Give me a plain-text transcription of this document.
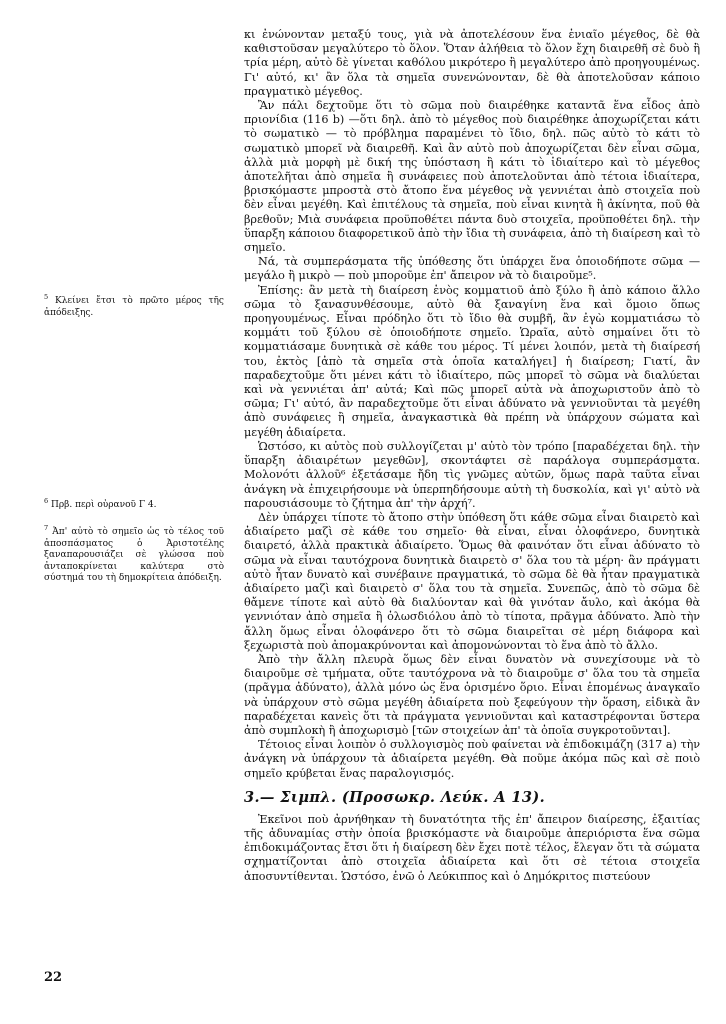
κι ἐνώνονταν μεταξύ τους, γιὰ νὰ ἀποτελέσουν ἕνα ἑνιαῖο μέγεθος, δὲ θὰ καθιστοῦσαν μεγαλύτερο τὸ ὅλον. Ὅταν ἀλήθεια τὸ ὅλον ἔχη διαιρεθῆ σὲ δυὸ ἢ τρία μέρη, αὐτὸ δὲ γίνεται καθόλου μικρότερο ἢ μεγαλύτερο ἀπὸ προηγουμένως. Γι' αὐτό, κι' ἂν ὅλα τὰ σημεῖα συνενώνονταν, δὲ θὰ ἀποτελοῦσαν κάποιο πραγματικὸ μέγεθος.

Ἂν πάλι δεχτοῦμε ὅτι τὸ σῶμα ποὺ διαιρέθηκε καταντᾶ ἕνα εἶδος ἀπὸ πριονίδια (116 b) —ὅτι δηλ. ἀπὸ τὸ μέγεθος ποὺ διαιρέθηκε ἀποχωρίζεται κάτι τὸ σωματικὸ — τὸ πρόβλημα παραμένει τὸ ἴδιο, δηλ. πῶς αὐτὸ τὸ κάτι τὸ σωματικὸ μπορεῖ νὰ διαιρεθῆ. Καὶ ἂν αὐτὸ ποὺ ἀποχωρίζεται δὲν εἶναι σῶμα, ἀλλὰ μιὰ μορφὴ μὲ δική της ὑπόσταση ἢ κάτι τὸ ἰδιαίτερο καὶ τὸ μέγεθος ἀποτελῆται ἀπὸ σημεῖα ἢ συνάφειες ποὺ ἀποτελοῦνται ἀπὸ τέτοια ἰδιαίτερα, βρισκόμαστε μπροστὰ στὸ ἄτοπο ἕνα μέγεθος νὰ γεννιέται ἀπὸ στοιχεῖα ποὺ δὲν εἶναι μεγέθη. Καὶ ἐπιτέλους τὰ σημεῖα, ποὺ εἶναι κινητὰ ἢ ἀκίνητα, ποῦ θὰ βρεθοῦν; Μιὰ συνάφεια προϋποθέτει πάντα δυὸ στοιχεῖα, προϋποθέτει δηλ. τὴν ὕπαρξη κάποιου διαφορετικοῦ ἀπὸ τὴν ἴδια τὴ συνάφεια, ἀπὸ τὴ διαίρεση καὶ τὸ σημεῖο.

Νά, τὰ συμπεράσματα τῆς ὑπόθεσης ὅτι ὑπάρχει ἕνα ὁποιοδήποτε σῶμα — μεγάλο ἢ μικρὸ — ποὺ μποροῦμε ἐπ' ἄπειρον νὰ τὸ διαιροῦμε⁵.

Ἐπίσης: ἂν μετὰ τὴ διαίρεση ἑνὸς κομματιοῦ ἀπὸ ξύλο ἢ ἀπὸ κάποιο ἄλλο σῶμα τὸ ξανασυνθέσουμε, αὐτὸ θὰ ξαναγίνη ἕνα καὶ ὅμοιο ὅπως προηγουμένως. Εἶναι πρόδηλο ὅτι τὸ ἴδιο θὰ συμβῆ, ἂν ἐγὼ κομματιάσω τὸ κομμάτι τοῦ ξύλου σὲ ὁποιοδήποτε σημεῖο. Ὡραῖα, αὐτὸ σημαίνει ὅτι τὸ κομματιάσαμε δυνητικὰ σὲ κάθε του μέρος. Τί μένει λοιπόν, μετὰ τὴ διαίρεσή του, ἐκτὸς [ἀπὸ τὰ σημεῖα στὰ ὁποῖα καταλήγει] ἡ διαίρεση; Γιατί, ἂν παραδεχτοῦμε ὅτι μένει κάτι τὸ ἰδιαίτερο, πῶς μπορεῖ τὸ σῶμα νὰ διαλύεται καὶ νὰ γεννιέται ἀπ' αὐτά; Καὶ πῶς μπορεῖ αὐτὰ νὰ ἀποχωριστοῦν ἀπὸ τὸ σῶμα; Γι' αὐτό, ἂν παραδεχτοῦμε ὅτι εἶναι ἀδύνατο νὰ γεννιοῦνται τὰ μεγέθη ἀπὸ συνάφειες ἢ σημεῖα, ἀναγκαστικὰ θὰ πρέπη νὰ ὑπάρχουν σώματα καὶ μεγέθη ἀδιαίρετα.

Ὡστόσο, κι αὐτὸς ποὺ συλλογίζεται μ' αὐτὸ τὸν τρόπο [παραδέχεται δηλ. τὴν ὕπαρξη ἀδιαιρέτων μεγεθῶν], σκοντάφτει σὲ παράλογα συμπεράσματα. Μολονότι ἀλλοῦ⁶ ἐξετάσαμε ἤδη τὶς γνῶμες αὐτῶν, ὅμως παρὰ ταῦτα εἶναι ἀνάγκη νὰ ἐπιχειρήσουμε νὰ ὑπερπηδήσουμε αὐτὴ τὴ δυσκολία, καὶ γι' αὐτὸ νὰ παρουσιάσουμε τὸ ζήτημα ἀπ' τὴν ἀρχή⁷.

Δὲν ὑπάρχει τίποτε τὸ ἄτοπο στὴν ὑπόθεση ὅτι κάθε σῶμα εἶναι διαιρετὸ καὶ ἀδιαίρετο μαζὶ σὲ κάθε του σημεῖο· θὰ εἶναι, εἶναι ὁλοφάνερο, δυνητικὰ διαιρετό, ἀλλὰ πρακτικὰ ἀδιαίρετο. Ὅμως θὰ φαινόταν ὅτι εἶναι ἀδύνατο τὸ σῶμα νὰ εἶναι ταυτόχρονα δυνητικὰ διαιρετὸ σ' ὅλα του τὰ μέρη· ἂν πράγματι αὐτὸ ἦταν δυνατὸ καὶ συνέβαινε πραγματικά, τὸ σῶμα δὲ θὰ ἦταν πραγματικὰ ἀδιαίρετο μαζὶ καὶ διαιρετὸ σ' ὅλα του τὰ σημεῖα. Συνεπῶς, ἀπὸ τὸ σῶμα δὲ θἄμενε τίποτε καὶ αὐτὸ θὰ διαλύονταν καὶ θὰ γινόταν ἄυλο, καὶ ἀκόμα θὰ γεννιόταν ἀπὸ σημεῖα ἢ ὁλωσδιόλου ἀπὸ τὸ τίποτα, πρᾶγμα ἀδύνατο. Ἀπὸ τὴν ἄλλη ὅμως εἶναι ὁλοφάνερο ὅτι τὸ σῶμα διαιρεῖται σὲ μέρη διάφορα καὶ ξεχωριστὰ ποὺ ἀπομακρύνονται καὶ ἀπομονώνονται τὸ ἕνα ἀπὸ τὸ ἄλλο.

Ἀπὸ τὴν ἄλλη πλευρὰ ὅμως δὲν εἶναι δυνατὸν νὰ συνεχίσουμε νὰ τὸ διαιροῦμε σὲ τμήματα, οὔτε ταυτόχρονα νὰ τὸ διαιροῦμε σ' ὅλα του τὰ σημεῖα (πρᾶγμα ἀδύνατο), ἀλλὰ μόνο ὡς ἕνα ὁρισμένο ὅριο. Εἶναι ἑπομένως ἀναγκαῖο νὰ ὑπάρχουν στὸ σῶμα μεγέθη ἀδιαίρετα ποὺ ξεφεύγουν τὴν ὅραση, εἰδικὰ ἂν παραδέχεται κανεὶς ὅτι τὰ πράγματα γεννιοῦνται καὶ καταστρέφονται ὕστερα ἀπὸ συμπλοκὴ ἢ ἀποχωρισμὸ [τῶν στοιχείων ἀπ' τὰ ὁποῖα συγκροτοῦνται].

Τέτοιος εἶναι λοιπὸν ὁ συλλογισμὸς ποὺ φαίνεται νὰ ἐπιδοκιμάζη (317 a) τὴν ἀνάγκη νὰ ὑπάρχουν τὰ ἀδιαίρετα μεγέθη. Θὰ ποῦμε ἀκόμα πῶς καὶ σὲ ποιὸ σημεῖο κρύβεται ἕνας παραλογισμός.

3.— Σιμπλ. (Προσωκρ. Λεύκ. Α 13).

Ἐκεῖνοι ποὺ ἀρνήθηκαν τὴ δυνατότητα τῆς ἐπ' ἄπειρον διαίρεσης, ἐξαιτίας τῆς ἀδυναμίας στὴν ὁποία βρισκόμαστε νὰ διαιροῦμε ἀπεριόριστα ἕνα σῶμα ἐπιδοκιμάζοντας ἔτσι ὅτι ἡ διαίρεση δὲν ἔχει ποτὲ τέλος, ἔλεγαν ὅτι τὰ σώματα σχηματίζονται ἀπὸ στοιχεῖα ἀδιαίρετα καὶ ὅτι σὲ τέτοια στοιχεῖα ἀποσυντίθενται. Ὡστόσο, ἐνῶ ὁ Λεύκιππος καὶ ὁ Δημόκριτος πιστεύουν

$^5$ Κλείνει ἔτσι τὸ πρῶτο μέρος τῆς ἀπόδειξης.
$^6$ Πρβ. περὶ οὐρανοῦ Γ 4.
$^7$ Ἀπ' αὐτὸ τὸ σημεῖο ὡς τὸ τέλος τοῦ ἀποσπάσματος ὁ Ἀριστοτέλης ξαναπαρουσιάζει σὲ γλώσσα ποὺ ἀνταποκρίνεται καλύτερα στὸ σύστημά του τὴ δημοκρίτεια ἀπόδειξη.
22
